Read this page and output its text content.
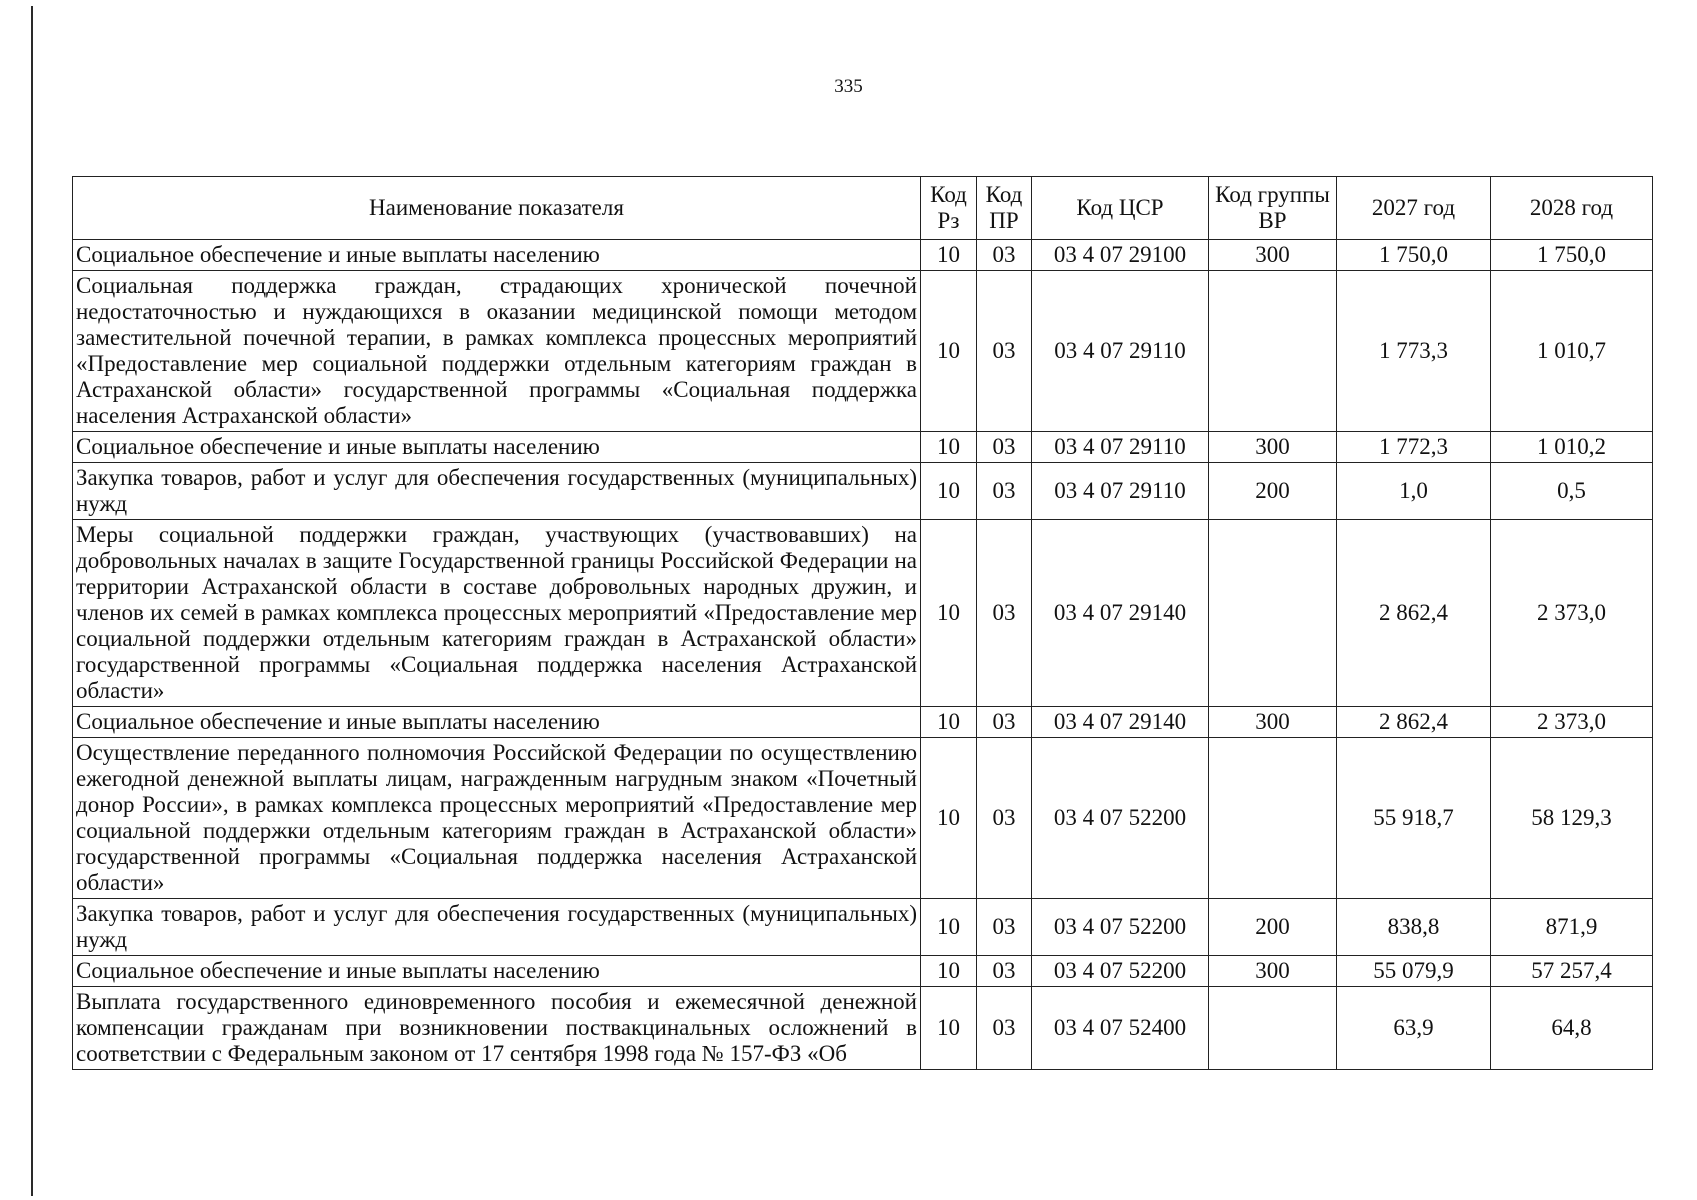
335
Наименование показателя	Код Рз	Код ПР	Код ЦСР	Код группы ВР	2027 год	2028 год
Социальное обеспечение и иные выплаты населению	10	03	03 4 07 29100	300	1 750,0	1 750,0
Социальная поддержка граждан, страдающих хронической почечной недостаточностью и нуждающихся в оказании медицинской помощи методом заместительной почечной терапии, в рамках комплекса процессных мероприятий «Предоставление мер социальной поддержки отдельным категориям граждан в Астраханской области» государственной программы «Социальная поддержка населения Астраханской области»	10	03	03 4 07 29110		1 773,3	1 010,7
Социальное обеспечение и иные выплаты населению	10	03	03 4 07 29110	300	1 772,3	1 010,2
Закупка товаров, работ и услуг для обеспечения государственных (муниципальных) нужд	10	03	03 4 07 29110	200	1,0	0,5
Меры социальной поддержки граждан, участвующих (участвовавших) на добровольных началах в защите Государственной границы Российской Федерации на территории Астраханской области в составе добровольных народных дружин, и членов их семей в рамках комплекса процессных мероприятий «Предоставление мер социальной поддержки отдельным категориям граждан в Астраханской области» государственной программы «Социальная поддержка населения Астраханской области»	10	03	03 4 07 29140		2 862,4	2 373,0
Социальное обеспечение и иные выплаты населению	10	03	03 4 07 29140	300	2 862,4	2 373,0
Осуществление переданного полномочия Российской Федерации по осуществлению ежегодной денежной выплаты лицам, награжденным нагрудным знаком «Почетный донор России», в рамках комплекса процессных мероприятий «Предоставление мер социальной поддержки отдельным категориям граждан в Астраханской области» государственной программы «Социальная поддержка населения Астраханской области»	10	03	03 4 07 52200		55 918,7	58 129,3
Закупка товаров, работ и услуг для обеспечения государственных (муниципальных) нужд	10	03	03 4 07 52200	200	838,8	871,9
Социальное обеспечение и иные выплаты населению	10	03	03 4 07 52200	300	55 079,9	57 257,4
Выплата государственного единовременного пособия и ежемесячной денежной компенсации гражданам при возникновении поствакцинальных осложнений в соответствии с Федеральным законом от 17 сентября 1998 года № 157-ФЗ «Об	10	03	03 4 07 52400		63,9	64,8
